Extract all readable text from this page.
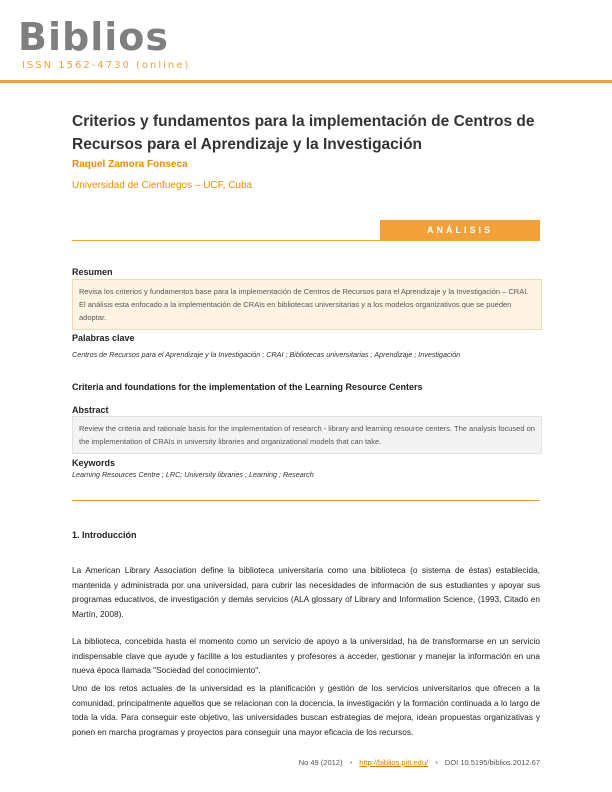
Biblios
ISSN 1562-4730 (online)
Criterios y fundamentos para la implementación de Centros de Recursos para el Aprendizaje y la Investigación
Raquel Zamora Fonseca
Universidad de Cienfuegos – UCF, Cuba
ANÁLISIS
Resumen
Revisa los criterios y fundamentos base para la implementación de Centros de Recursos para el Aprendizaje y la Investigación – CRAI. El análisis esta enfocado a la implementación de CRAIs en bibliotecas universitarias y a los modelos organizativos que se pueden adoptar.
Palabras clave
Centros de Recursos para el Aprendizaje y la Investigación ; CRAI ; Bibliotecas universitarias ; Aprendizaje ; Investigación
Criteria and foundations for the implementation of the Learning Resource Centers
Abstract
Review the criteria and rationale basis for the implementation of research - library and learning resource centers. The analysis focused on the implementation of CRAIs in university libraries and organizational models that can take.
Keywords
Learning Resources Centre ; LRC; University libraries ; Learning ; Research
1. Introducción
La American Library Association define la biblioteca universitaria como una biblioteca (o sistema de éstas) establecida, mantenida y administrada por una universidad, para cubrir las necesidades de información de sus estudiantes y apoyar sus programas educativos, de investigación y demás servicios (ALA glossary of Library and Information Science, (1993, Citado en Martín, 2008).
La biblioteca, concebida hasta el momento como un servicio de apoyo a la universidad, ha de transformarse en un servicio indispensable clave que ayude y facilite a los estudiantes y profesores a acceder, gestionar y manejar la información en una nueva época llamada "Sociedad del conocimiento".
Uno de los retos actuales de la universidad es la planificación y gestión de los servicios universitarios que ofrecen a la comunidad, principalmente aquellos que se relacionan con la docencia, la investigación y la formación continuada a lo largo de toda la vida. Para conseguir este objetivo, las universidades buscan estrategias de mejora, idean propuestas organizativas y ponen en marcha programas y proyectos para conseguir una mayor eficacia de los recursos.
No 49 (2012) • http://biblios.pitt.edu/ • DOI 10.5195/biblios.2012.67
